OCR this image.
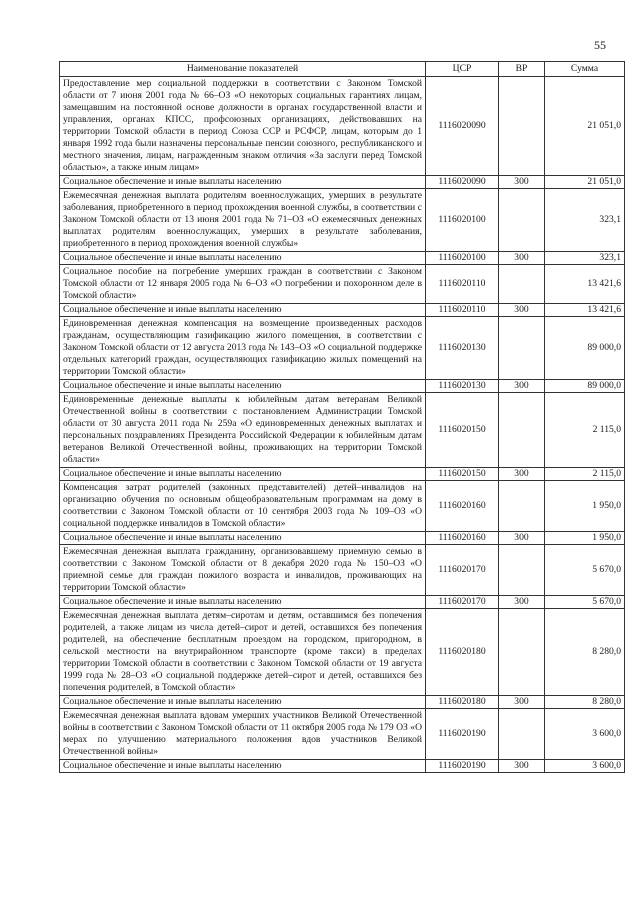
55
Наименование показателей	ЦСР	ВР	Сумма
Предоставление мер социальной поддержки в соответствии с Законом Томской области от 7 июня 2001 года № 66–ОЗ «О некоторых социальных гарантиях лицам, замещавшим на постоянной основе должности в органах государственной власти и управления, органах КПСС, профсоюзных организациях, действовавших на территории Томской области в период Союза ССР и РСФСР, лицам, которым до 1 января 1992 года были назначены персональные пенсии союзного, республиканского и местного значения, лицам, награжденным знаком отличия «За заслуги перед Томской областью», а также иным лицам»	1116020090		21 051,0
Социальное обеспечение и иные выплаты населению	1116020090	300	21 051,0
Ежемесячная денежная выплата родителям военнослужащих, умерших в результате заболевания, приобретенного в период прохождения военной службы, в соответствии с Законом Томской области от 13 июня 2001 года № 71–ОЗ «О ежемесячных денежных выплатах родителям военнослужащих, умерших в результате заболевания, приобретенного в период прохождения военной службы»	1116020100		323,1
Социальное обеспечение и иные выплаты населению	1116020100	300	323,1
Социальное пособие на погребение умерших граждан в соответствии с Законом Томской области от 12 января 2005 года № 6–ОЗ «О погребении и похоронном деле в Томской области»	1116020110		13 421,6
Социальное обеспечение и иные выплаты населению	1116020110	300	13 421,6
Единовременная денежная компенсация на возмещение произведенных расходов гражданам, осуществляющим газификацию жилого помещения, в соответствии с Законом Томской области от 12 августа 2013 года № 143–ОЗ «О социальной поддержке отдельных категорий граждан, осуществляющих газификацию жилых помещений на территории Томской области»	1116020130		89 000,0
Социальное обеспечение и иные выплаты населению	1116020130	300	89 000,0
Единовременные денежные выплаты к юбилейным датам ветеранам Великой Отечественной войны в соответствии с постановлением Администрации Томской области от 30 августа 2011 года № 259а «О единовременных денежных выплатах и персональных поздравлениях Президента Российской Федерации к юбилейным датам ветеранов Великой Отечественной войны, проживающих на территории Томской области»	1116020150		2 115,0
Социальное обеспечение и иные выплаты населению	1116020150	300	2 115,0
Компенсация затрат родителей (законных представителей) детей–инвалидов на организацию обучения по основным общеобразовательным программам на дому в соответствии с Законом Томской области от 10 сентября 2003 года № 109–ОЗ «О социальной поддержке инвалидов в Томской области»	1116020160		1 950,0
Социальное обеспечение и иные выплаты населению	1116020160	300	1 950,0
Ежемесячная денежная выплата гражданину, организовавшему приемную семью в соответствии с Законом Томской области от 8 декабря 2020 года № 150–ОЗ «О приемной семье для граждан пожилого возраста и инвалидов, проживающих на территории Томской области»	1116020170		5 670,0
Социальное обеспечение и иные выплаты населению	1116020170	300	5 670,0
Ежемесячная денежная выплата детям–сиротам и детям, оставшимся без попечения родителей, а также лицам из числа детей–сирот и детей, оставшихся без попечения родителей, на обеспечение бесплатным проездом на городском, пригородном, в сельской местности на внутрирайонном транспорте (кроме такси) в пределах территории Томской области в соответствии с Законом Томской области от 19 августа 1999 года № 28–ОЗ «О социальной поддержке детей–сирот и детей, оставшихся без попечения родителей, в Томской области»	1116020180		8 280,0
Социальное обеспечение и иные выплаты населению	1116020180	300	8 280,0
Ежемесячная денежная выплата вдовам умерших участников Великой Отечественной войны в соответствии с Законом Томской области от 11 октября 2005 года № 179 ОЗ «О мерах по улучшению материального положения вдов участников Великой Отечественной войны»	1116020190		3 600,0
Социальное обеспечение и иные выплаты населению	1116020190	300	3 600,0
